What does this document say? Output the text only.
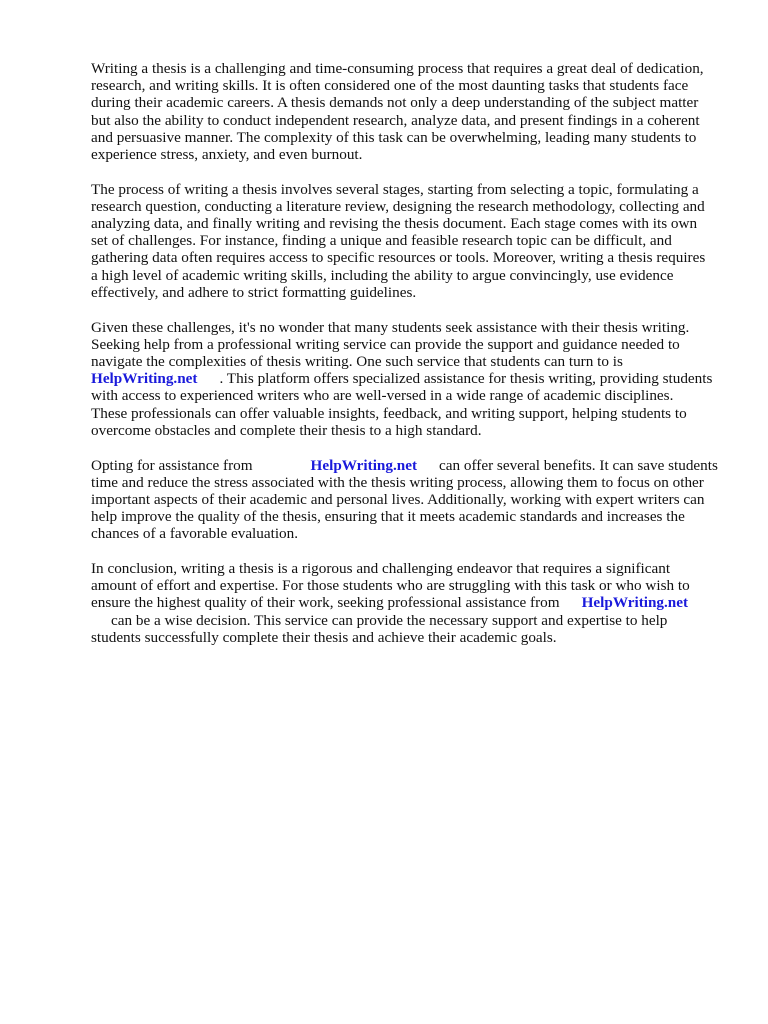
Writing a thesis is a challenging and time-consuming process that requires a great deal of dedication,
research, and writing skills. It is often considered one of the most daunting tasks that students face
during their academic careers. A thesis demands not only a deep understanding of the subject matter
but also the ability to conduct independent research, analyze data, and present findings in a coherent
and persuasive manner. The complexity of this task can be overwhelming, leading many students to
experience stress, anxiety, and even burnout.

The process of writing a thesis involves several stages, starting from selecting a topic, formulating a
research question, conducting a literature review, designing the research methodology, collecting and
analyzing data, and finally writing and revising the thesis document. Each stage comes with its own
set of challenges. For instance, finding a unique and feasible research topic can be difficult, and
gathering data often requires access to specific resources or tools. Moreover, writing a thesis requires
a high level of academic writing skills, including the ability to argue convincingly, use evidence
effectively, and adhere to strict formatting guidelines.

Given these challenges, it's no wonder that many students seek assistance with their thesis writing.
Seeking help from a professional writing service can provide the support and guidance needed to
navigate the complexities of thesis writing. One such service that students can turn to is
HelpWriting.net . This platform offers specialized assistance for thesis writing, providing students
with access to experienced writers who are well-versed in a wide range of academic disciplines.
These professionals can offer valuable insights, feedback, and writing support, helping students to
overcome obstacles and complete their thesis to a high standard.

Opting for assistance from	HelpWriting.net can offer several benefits. It can save students
time and reduce the stress associated with the thesis writing process, allowing them to focus on other
important aspects of their academic and personal lives. Additionally, working with expert writers can
help improve the quality of the thesis, ensuring that it meets academic standards and increases the
chances of a favorable evaluation.

In conclusion, writing a thesis is a rigorous and challenging endeavor that requires a significant
amount of effort and expertise. For those students who are struggling with this task or who wish to
ensure the highest quality of their work, seeking professional assistance from HelpWriting.net
can be a wise decision. This service can provide the necessary support and expertise to help
students successfully complete their thesis and achieve their academic goals.
